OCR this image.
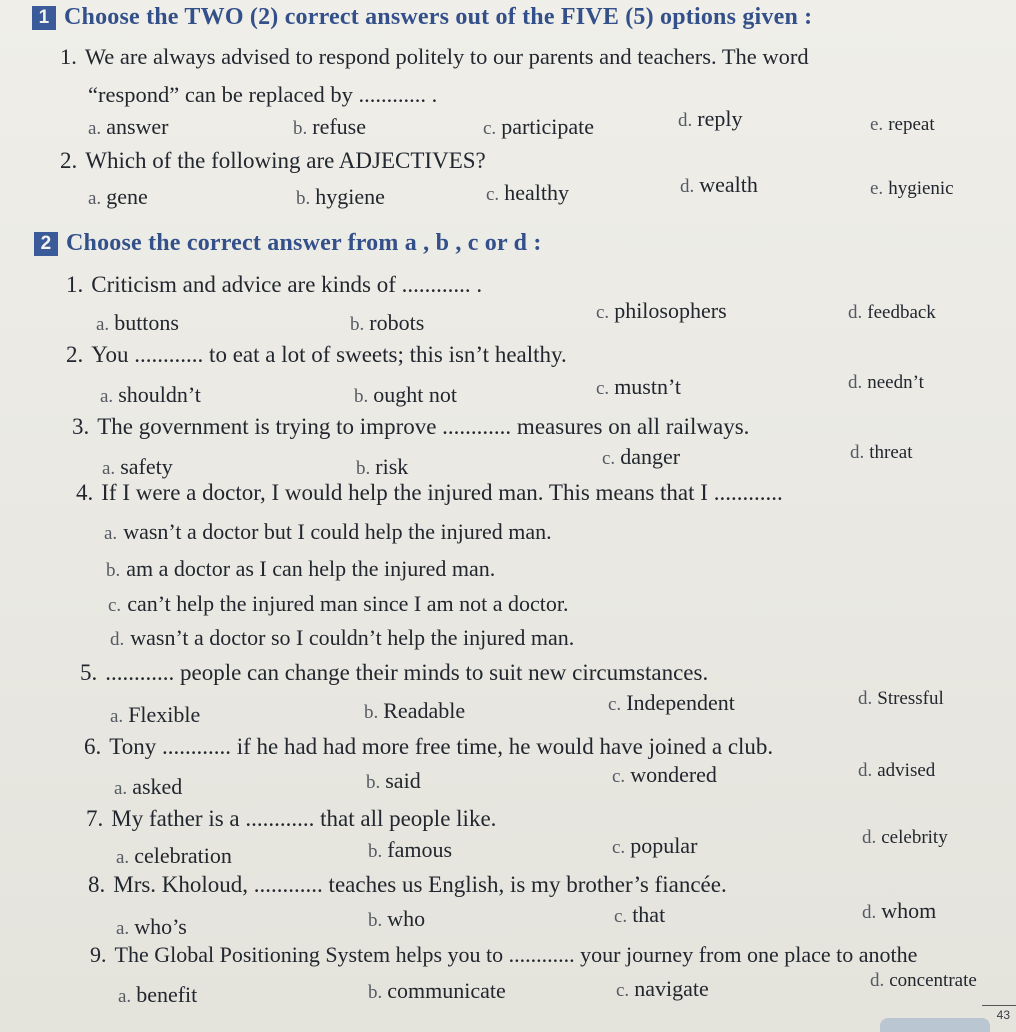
1 Choose the TWO (2) correct answers out of the FIVE (5) options given :
1. We are always advised to respond politely to our parents and teachers. The word
“respond” can be replaced by ............ .
a. answer	b. refuse	c. participate	d. reply	e. repeat
2. Which of the following are ADJECTIVES?
a. gene	b. hygiene	c. healthy	d. wealth	e. hygienic
2 Choose the correct answer from a , b , c or d :
1. Criticism and advice are kinds of ............ .
a. buttons	b. robots	c. philosophers	d. feedback
2. You ............ to eat a lot of sweets; this isn’t healthy.
a. shouldn’t	b. ought not	c. mustn’t	d. needn’t
3. The government is trying to improve ............ measures on all railways.
a. safety	b. risk	c. danger	d. threat
4. If I were a doctor, I would help the injured man. This means that I ............
a. wasn’t a doctor but I could help the injured man.
b. am a doctor as I can help the injured man.
c. can’t help the injured man since I am not a doctor.
d. wasn’t a doctor so I couldn’t help the injured man.
5. ............ people can change their minds to suit new circumstances.
a. Flexible	b. Readable	c. Independent	d. Stressful
6. Tony ............ if he had had more free time, he would have joined a club.
a. asked	b. said	c. wondered	d. advised
7. My father is a ............ that all people like.
a. celebration	b. famous	c. popular	d. celebrity
8. Mrs. Kholoud, ............ teaches us English, is my brother’s fiancée.
a. who’s	b. who	c. that	d. whom
9. The Global Positioning System helps you to ............ your journey from one place to anothe
a. benefit	b. communicate	c. navigate	d. concentrate
43
